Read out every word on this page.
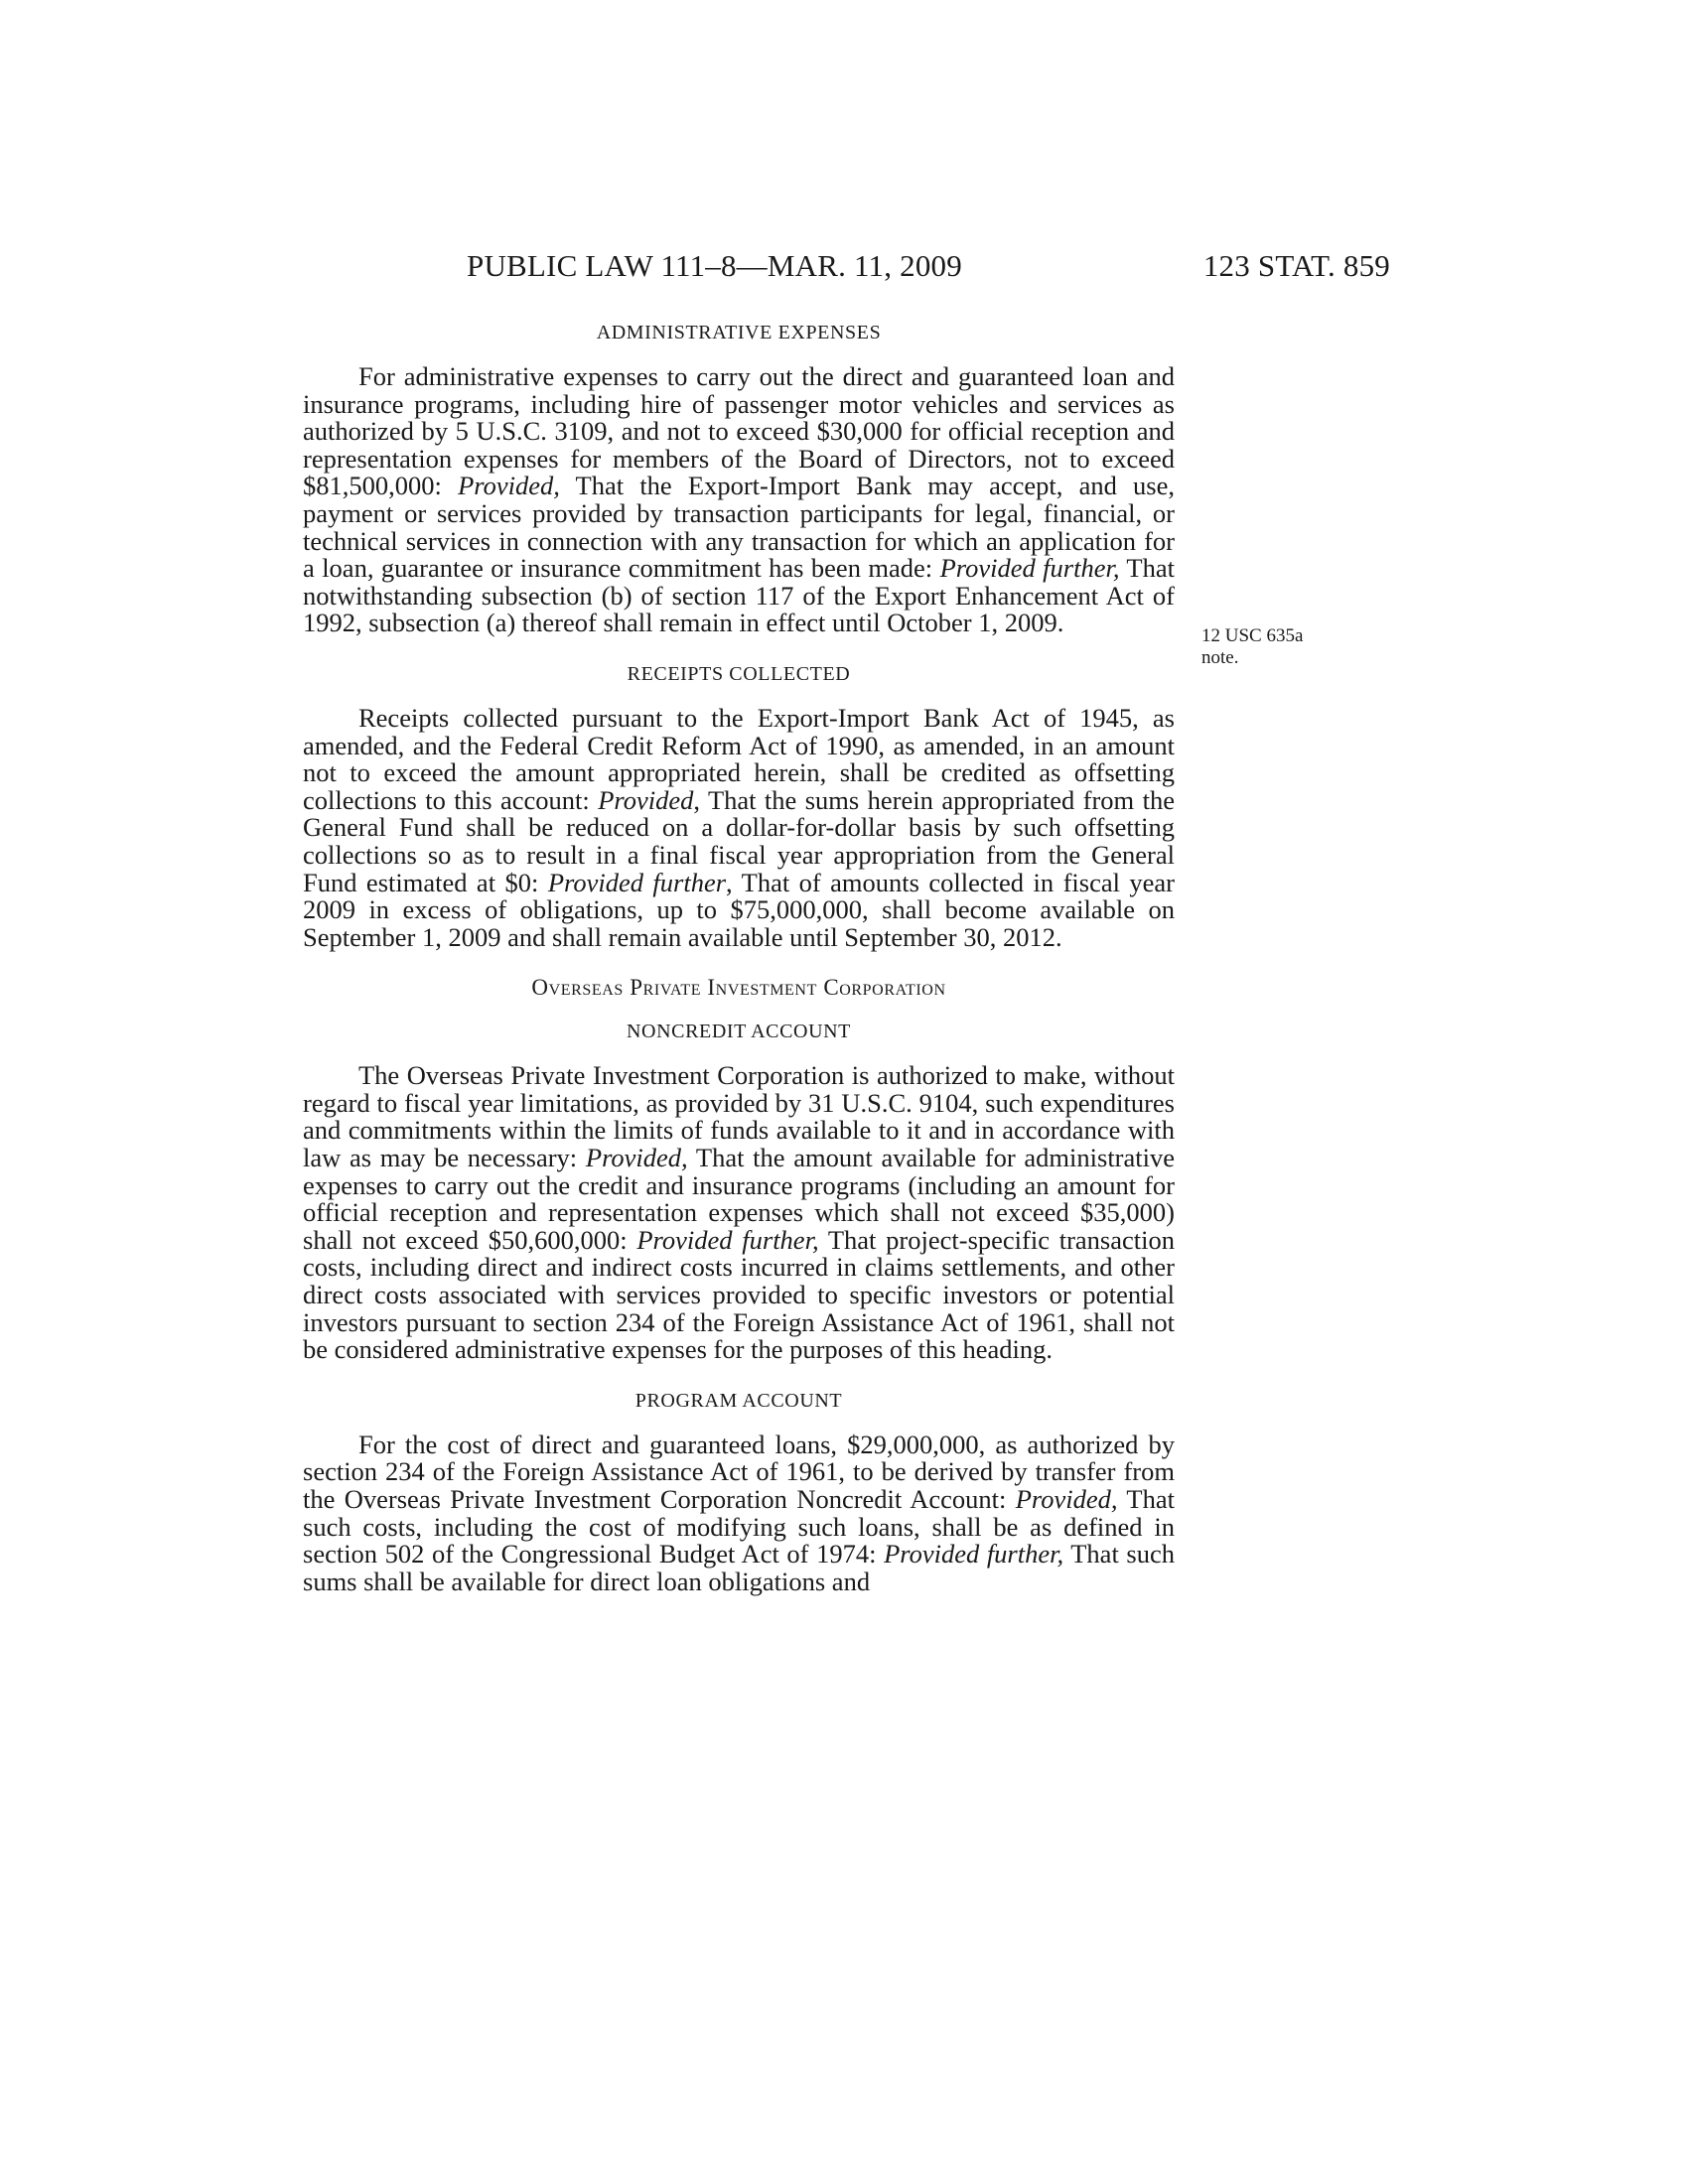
PUBLIC LAW 111–8—MAR. 11, 2009	123 STAT. 859
12 USC 635a
note.
ADMINISTRATIVE EXPENSES

For administrative expenses to carry out the direct and guaranteed loan and insurance programs, including hire of passenger motor vehicles and services as authorized by 5 U.S.C. 3109, and not to exceed $30,000 for official reception and representation expenses for members of the Board of Directors, not to exceed $81,500,000: Provided, That the Export-Import Bank may accept, and use, payment or services provided by transaction participants for legal, financial, or technical services in connection with any transaction for which an application for a loan, guarantee or insurance commitment has been made: Provided further, That notwithstanding subsection (b) of section 117 of the Export Enhancement Act of 1992, subsection (a) thereof shall remain in effect until October 1, 2009.

RECEIPTS COLLECTED

Receipts collected pursuant to the Export-Import Bank Act of 1945, as amended, and the Federal Credit Reform Act of 1990, as amended, in an amount not to exceed the amount appropriated herein, shall be credited as offsetting collections to this account: Provided, That the sums herein appropriated from the General Fund shall be reduced on a dollar-for-dollar basis by such offsetting collections so as to result in a final fiscal year appropriation from the General Fund estimated at $0: Provided further, That of amounts collected in fiscal year 2009 in excess of obligations, up to $75,000,000, shall become available on September 1, 2009 and shall remain available until September 30, 2012.

Overseas Private Investment Corporation
NONCREDIT ACCOUNT

The Overseas Private Investment Corporation is authorized to make, without regard to fiscal year limitations, as provided by 31 U.S.C. 9104, such expenditures and commitments within the limits of funds available to it and in accordance with law as may be necessary: Provided, That the amount available for administrative expenses to carry out the credit and insurance programs (including an amount for official reception and representation expenses which shall not exceed $35,000) shall not exceed $50,600,000: Provided further, That project-specific transaction costs, including direct and indirect costs incurred in claims settlements, and other direct costs associated with services provided to specific investors or potential investors pursuant to section 234 of the Foreign Assistance Act of 1961, shall not be considered administrative expenses for the purposes of this heading.

PROGRAM ACCOUNT

For the cost of direct and guaranteed loans, $29,000,000, as authorized by section 234 of the Foreign Assistance Act of 1961, to be derived by transfer from the Overseas Private Investment Corporation Noncredit Account: Provided, That such costs, including the cost of modifying such loans, shall be as defined in section 502 of the Congressional Budget Act of 1974: Provided further, That such sums shall be available for direct loan obligations and
